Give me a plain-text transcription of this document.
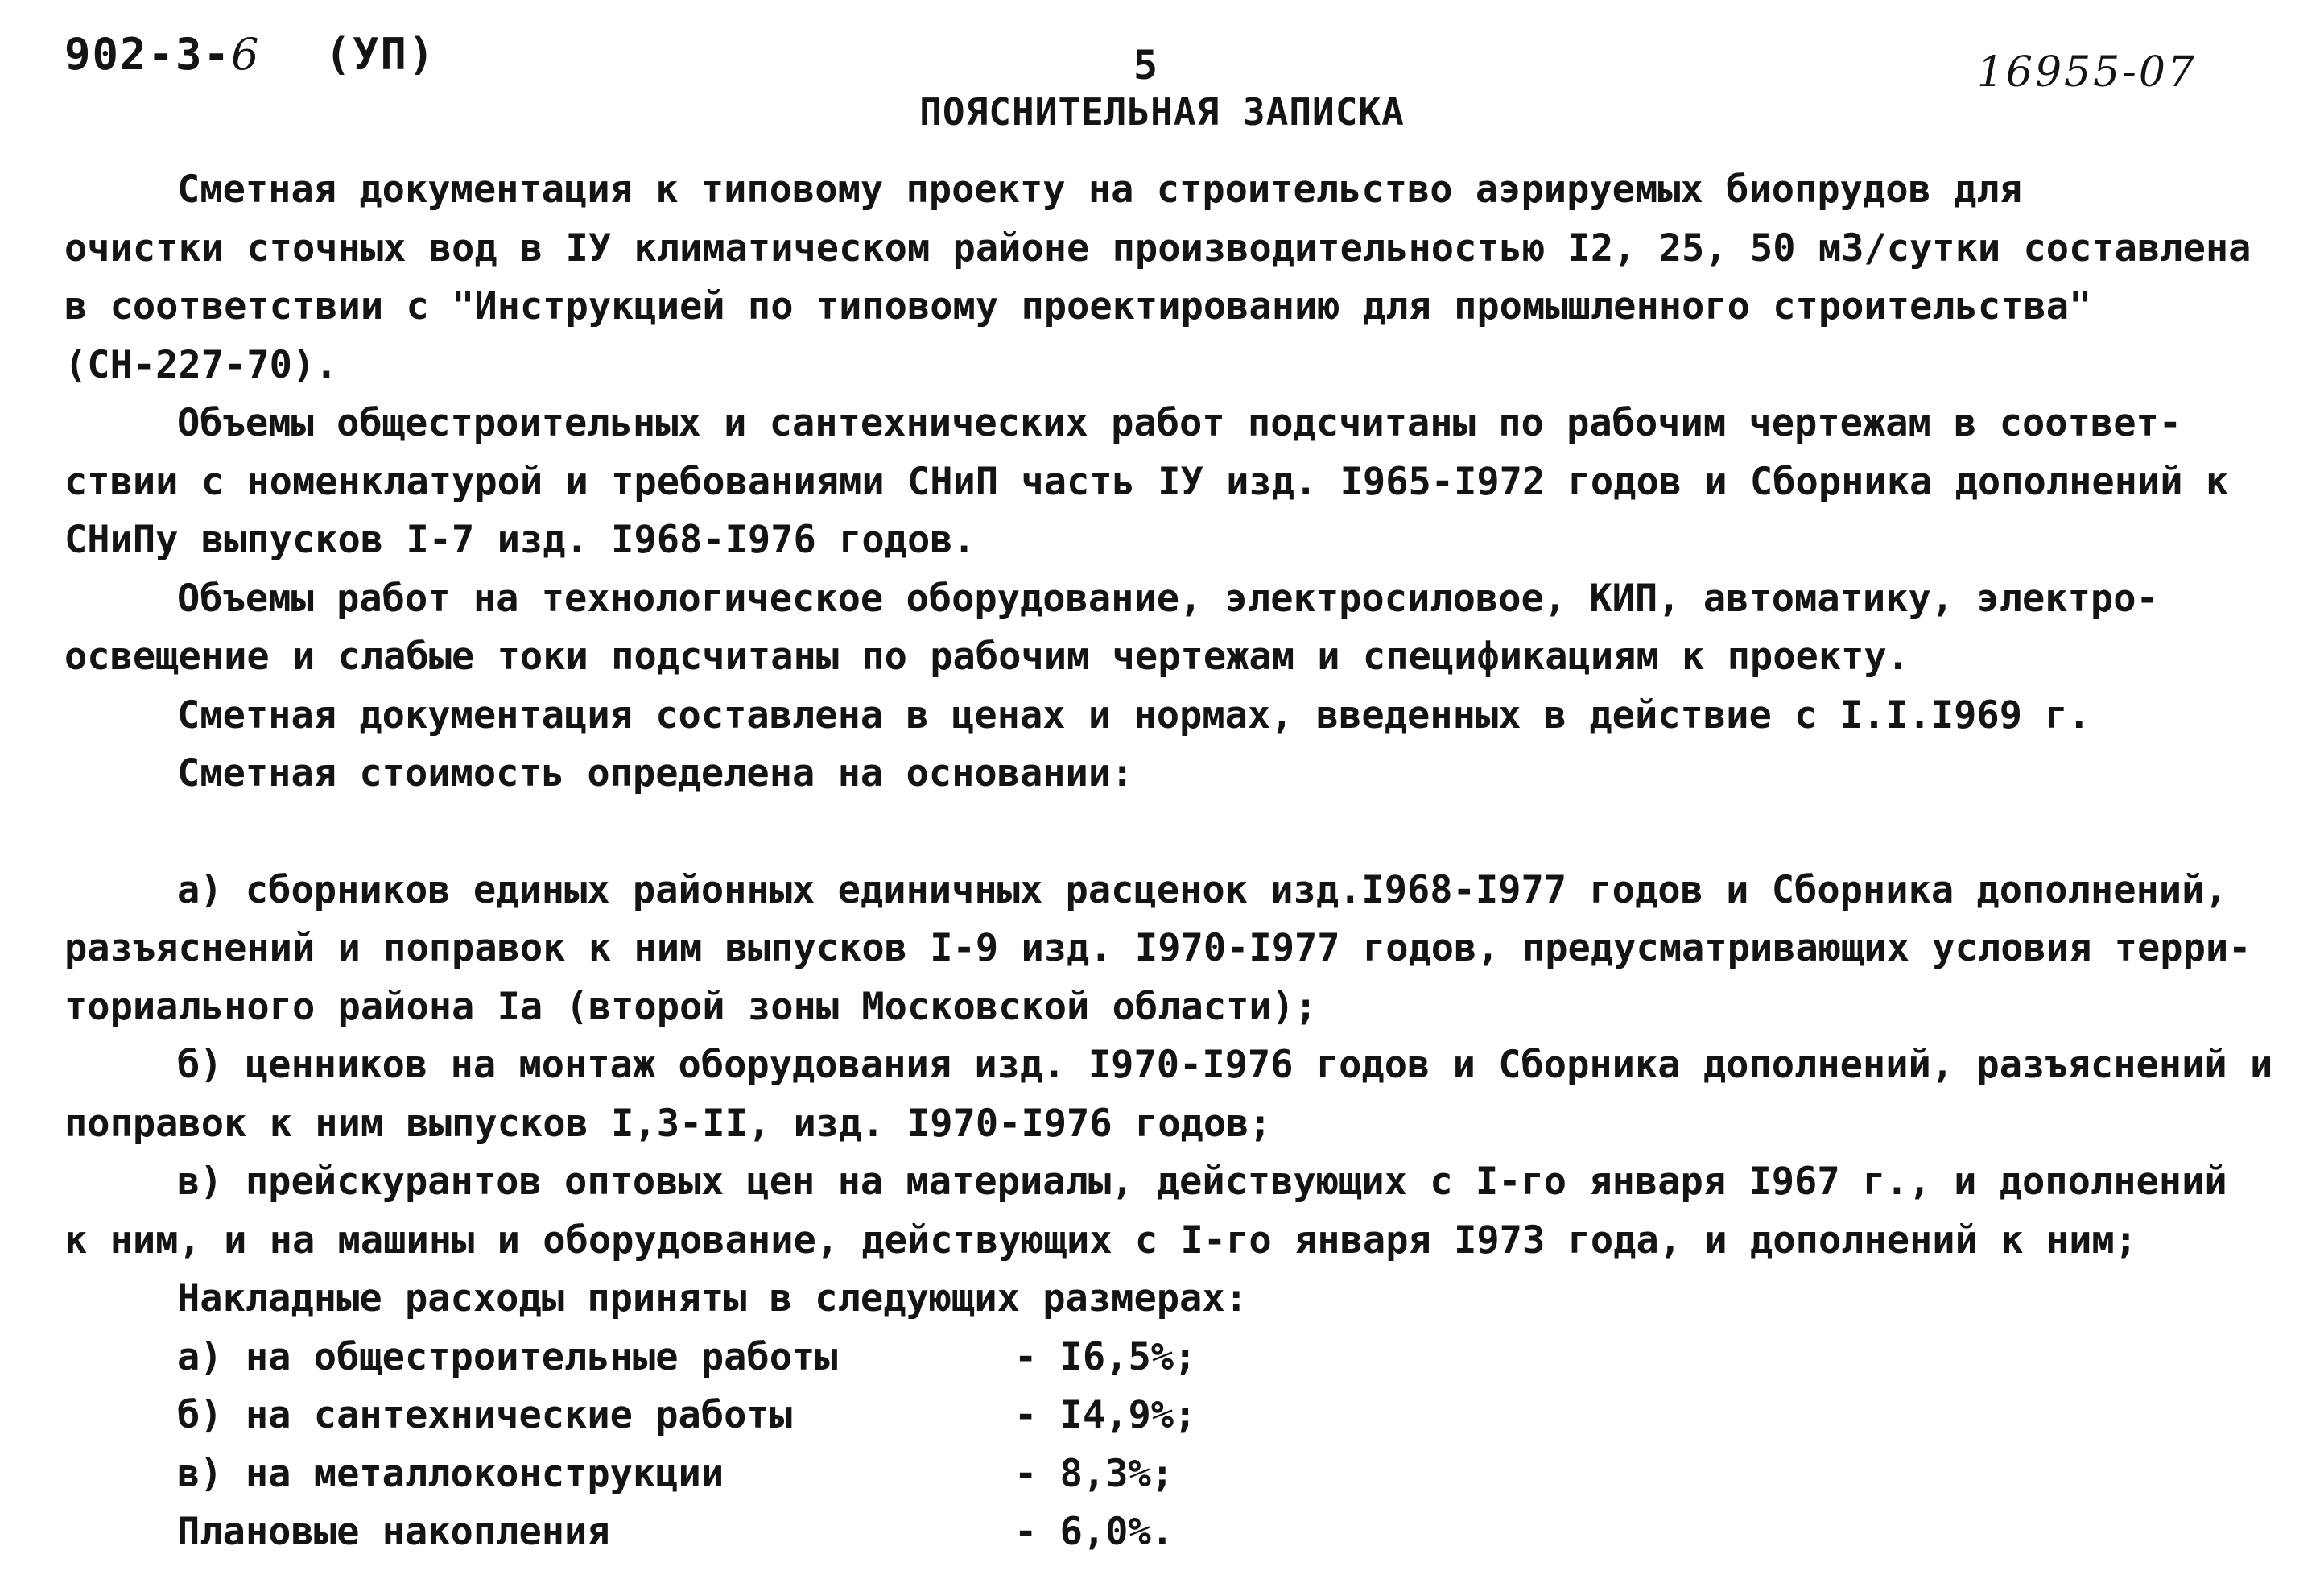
902-3-6 (УП)	5	16955-07
ПОЯСНИТЕЛЬНАЯ ЗАПИСКА
Сметная документация к типовому проекту на строительство аэрируемых биопрудов для
очистки сточных вод в IУ климатическом районе производительностью I2, 25, 50 м3/сутки составлена
в соответствии с "Инструкцией по типовому проектированию для промышленного строительства"
(СН-227-70).
Объемы общестроительных и сантехнических работ подсчитаны по рабочим чертежам в соответ-
ствии с номенклатурой и требованиями СНиП часть IУ изд. I965-I972 годов и Сборника дополнений к
СНиПу выпусков I-7 изд. I968-I976 годов.
Объемы работ на технологическое оборудование, электросиловое, КИП, автоматику, электро-
освещение и слабые токи подсчитаны по рабочим чертежам и спецификациям к проекту.
Сметная документация составлена в ценах и нормах, введенных в действие с I.I.I969 г.
Сметная стоимость определена на основании:
а) сборников единых районных единичных расценок изд.I968-I977 годов и Сборника дополнений,
разъяснений и поправок к ним выпусков I-9 изд. I970-I977 годов, предусматривающих условия терри-
ториального района Iа (второй зоны Московской области);
б) ценников на монтаж оборудования изд. I970-I976 годов и Сборника дополнений, разъяснений и
поправок к ним выпусков I,3-II, изд. I970-I976 годов;
в) прейскурантов оптовых цен на материалы, действующих с I-го января I967 г., и дополнений
к ним, и на машины и оборудование, действующих с I-го января I973 года, и дополнений к ним;
Накладные расходы приняты в следующих размерах:
а) на общестроительные работы	- I6,5%;
б) на сантехнические работы	- I4,9%;
в) на металлоконструкции	- 8,3%;
Плановые накопления	- 6,0%.
